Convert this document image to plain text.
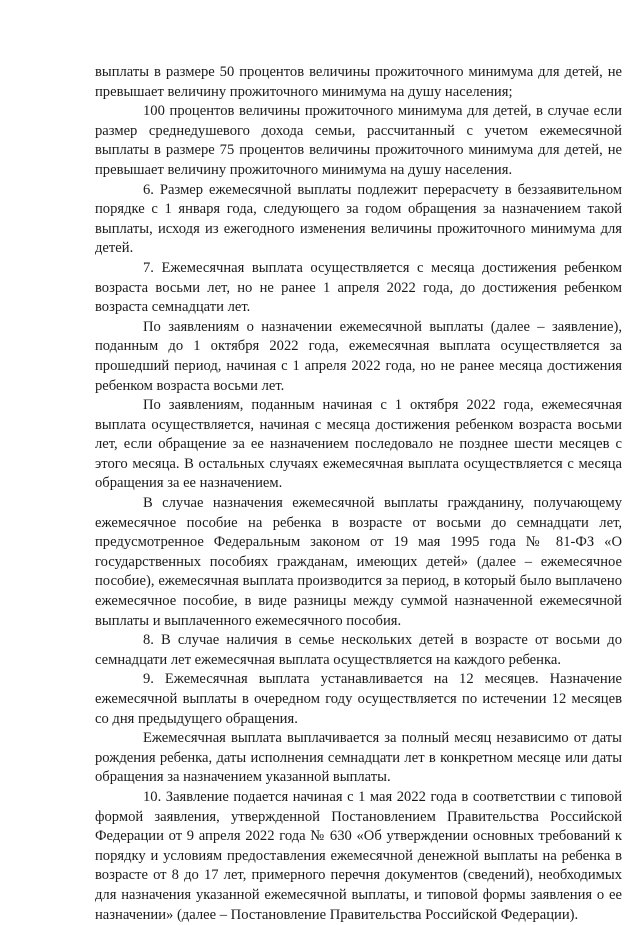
выплаты в размере 50 процентов величины прожиточного минимума для детей, не превышает величину прожиточного минимума на душу населения;

100 процентов величины прожиточного минимума для детей, в случае если размер среднедушевого дохода семьи, рассчитанный с учетом ежемесячной выплаты в размере 75 процентов величины прожиточного минимума для детей, не превышает величину прожиточного минимума на душу населения.

6. Размер ежемесячной выплаты подлежит перерасчету в беззаявительном порядке с 1 января года, следующего за годом обращения за назначением такой выплаты, исходя из ежегодного изменения величины прожиточного минимума для детей.

7. Ежемесячная выплата осуществляется с месяца достижения ребенком возраста восьми лет, но не ранее 1 апреля 2022 года, до достижения ребенком возраста семнадцати лет.

По заявлениям о назначении ежемесячной выплаты (далее – заявление), поданным до 1 октября 2022 года, ежемесячная выплата осуществляется за прошедший период, начиная с 1 апреля 2022 года, но не ранее месяца достижения ребенком возраста восьми лет.

По заявлениям, поданным начиная с 1 октября 2022 года, ежемесячная выплата осуществляется, начиная с месяца достижения ребенком возраста восьми лет, если обращение за ее назначением последовало не позднее шести месяцев с этого месяца. В остальных случаях ежемесячная выплата осуществляется с месяца обращения за ее назначением.

В случае назначения ежемесячной выплаты гражданину, получающему ежемесячное пособие на ребенка в возрасте от восьми до семнадцати лет, предусмотренное Федеральным законом от 19 мая 1995 года № 81-ФЗ «О государственных пособиях гражданам, имеющих детей» (далее – ежемесячное пособие), ежемесячная выплата производится за период, в который было выплачено ежемесячное пособие, в виде разницы между суммой назначенной ежемесячной выплаты и выплаченного ежемесячного пособия.

8. В случае наличия в семье нескольких детей в возрасте от восьми до семнадцати лет ежемесячная выплата осуществляется на каждого ребенка.

9. Ежемесячная выплата устанавливается на 12 месяцев. Назначение ежемесячной выплаты в очередном году осуществляется по истечении 12 месяцев со дня предыдущего обращения.

Ежемесячная выплата выплачивается за полный месяц независимо от даты рождения ребенка, даты исполнения семнадцати лет в конкретном месяце или даты обращения за назначением указанной выплаты.

10. Заявление подается начиная с 1 мая 2022 года в соответствии с типовой формой заявления, утвержденной Постановлением Правительства Российской Федерации от 9 апреля 2022 года № 630 «Об утверждении основных требований к порядку и условиям предоставления ежемесячной денежной выплаты на ребенка в возрасте от 8 до 17 лет, примерного перечня документов (сведений), необходимых для назначения указанной ежемесячной выплаты, и типовой формы заявления о ее назначении» (далее – Постановление Правительства Российской Федерации).
